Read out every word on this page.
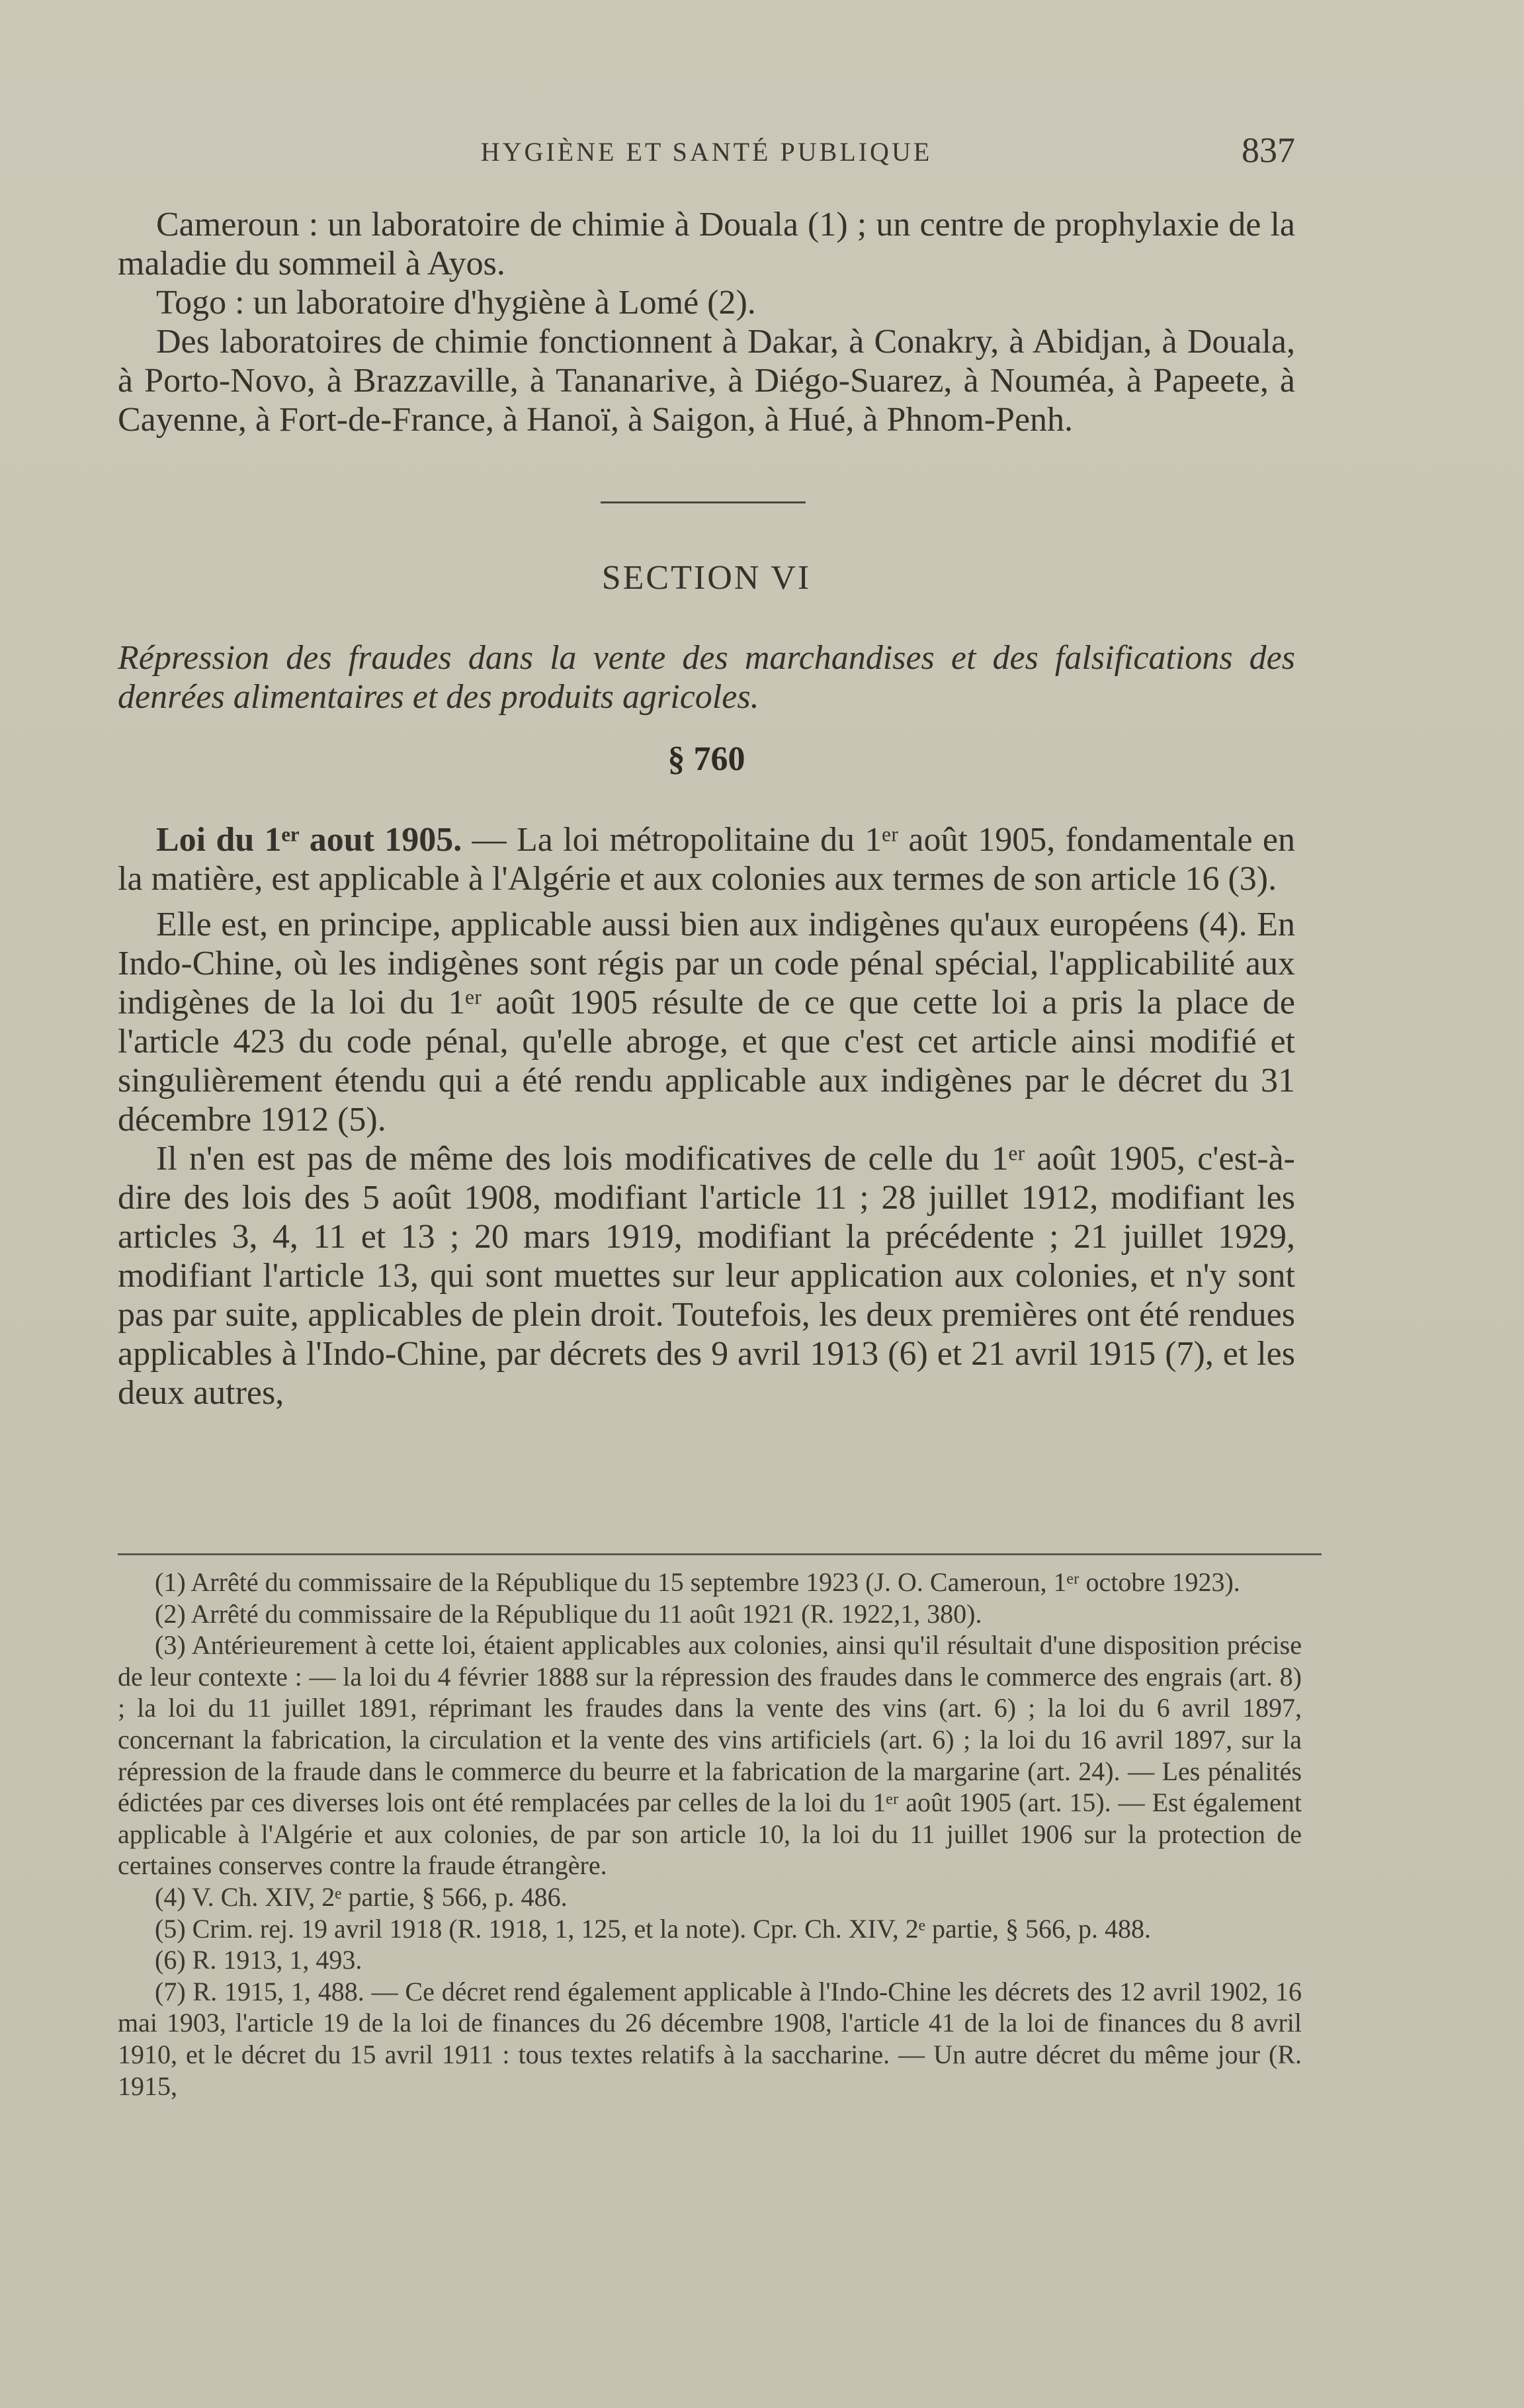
HYGIÈNE ET SANTÉ PUBLIQUE	837

Cameroun : un laboratoire de chimie à Douala (1) ; un centre de prophylaxie de la maladie du sommeil à Ayos.

Togo : un laboratoire d'hygiène à Lomé (2).

Des laboratoires de chimie fonctionnent à Dakar, à Conakry, à Abidjan, à Douala, à Porto-Novo, à Brazzaville, à Tananarive, à Diégo-Suarez, à Nouméa, à Papeete, à Cayenne, à Fort-de-France, à Hanoï, à Saigon, à Hué, à Phnom-Penh.

SECTION VI

Répression des fraudes dans la vente des marchandises et des falsifications des denrées alimentaires et des produits agricoles.

§ 760

Loi du 1ᵉʳ aout 1905. — La loi métropolitaine du 1ᵉʳ août 1905, fondamentale en la matière, est applicable à l'Algérie et aux colonies aux termes de son article 16 (3).

Elle est, en principe, applicable aussi bien aux indigènes qu'aux européens (4). En Indo-Chine, où les indigènes sont régis par un code pénal spécial, l'applicabilité aux indigènes de la loi du 1ᵉʳ août 1905 résulte de ce que cette loi a pris la place de l'article 423 du code pénal, qu'elle abroge, et que c'est cet article ainsi modifié et singulièrement étendu qui a été rendu applicable aux indigènes par le décret du 31 décembre 1912 (5).

Il n'en est pas de même des lois modificatives de celle du 1ᵉʳ août 1905, c'est-à-dire des lois des 5 août 1908, modifiant l'article 11 ; 28 juillet 1912, modifiant les articles 3, 4, 11 et 13 ; 20 mars 1919, modifiant la précédente ; 21 juillet 1929, modifiant l'article 13, qui sont muettes sur leur application aux colonies, et n'y sont pas par suite, applicables de plein droit. Toutefois, les deux premières ont été rendues applicables à l'Indo-Chine, par décrets des 9 avril 1913 (6) et 21 avril 1915 (7), et les deux autres,

(1) Arrêté du commissaire de la République du 15 septembre 1923 (J. O. Cameroun, 1ᵉʳ octobre 1923).

(2) Arrêté du commissaire de la République du 11 août 1921 (R. 1922,1, 380).

(3) Antérieurement à cette loi, étaient applicables aux colonies, ainsi qu'il résultait d'une disposition précise de leur contexte : — la loi du 4 février 1888 sur la répression des fraudes dans le commerce des engrais (art. 8) ; la loi du 11 juillet 1891, réprimant les fraudes dans la vente des vins (art. 6) ; la loi du 6 avril 1897, concernant la fabrication, la circulation et la vente des vins artificiels (art. 6) ; la loi du 16 avril 1897, sur la répression de la fraude dans le commerce du beurre et la fabrication de la margarine (art. 24). — Les pénalités édictées par ces diverses lois ont été remplacées par celles de la loi du 1ᵉʳ août 1905 (art. 15). — Est également applicable à l'Algérie et aux colonies, de par son article 10, la loi du 11 juillet 1906 sur la protection de certaines conserves contre la fraude étrangère.

(4) V. Ch. XIV, 2ᵉ partie, § 566, p. 486.

(5) Crim. rej. 19 avril 1918 (R. 1918, 1, 125, et la note). Cpr. Ch. XIV, 2ᵉ partie, § 566, p. 488.

(6) R. 1913, 1, 493.

(7) R. 1915, 1, 488. — Ce décret rend également applicable à l'Indo-Chine les décrets des 12 avril 1902, 16 mai 1903, l'article 19 de la loi de finances du 26 décembre 1908, l'article 41 de la loi de finances du 8 avril 1910, et le décret du 15 avril 1911 : tous textes relatifs à la saccharine. — Un autre décret du même jour (R. 1915,
